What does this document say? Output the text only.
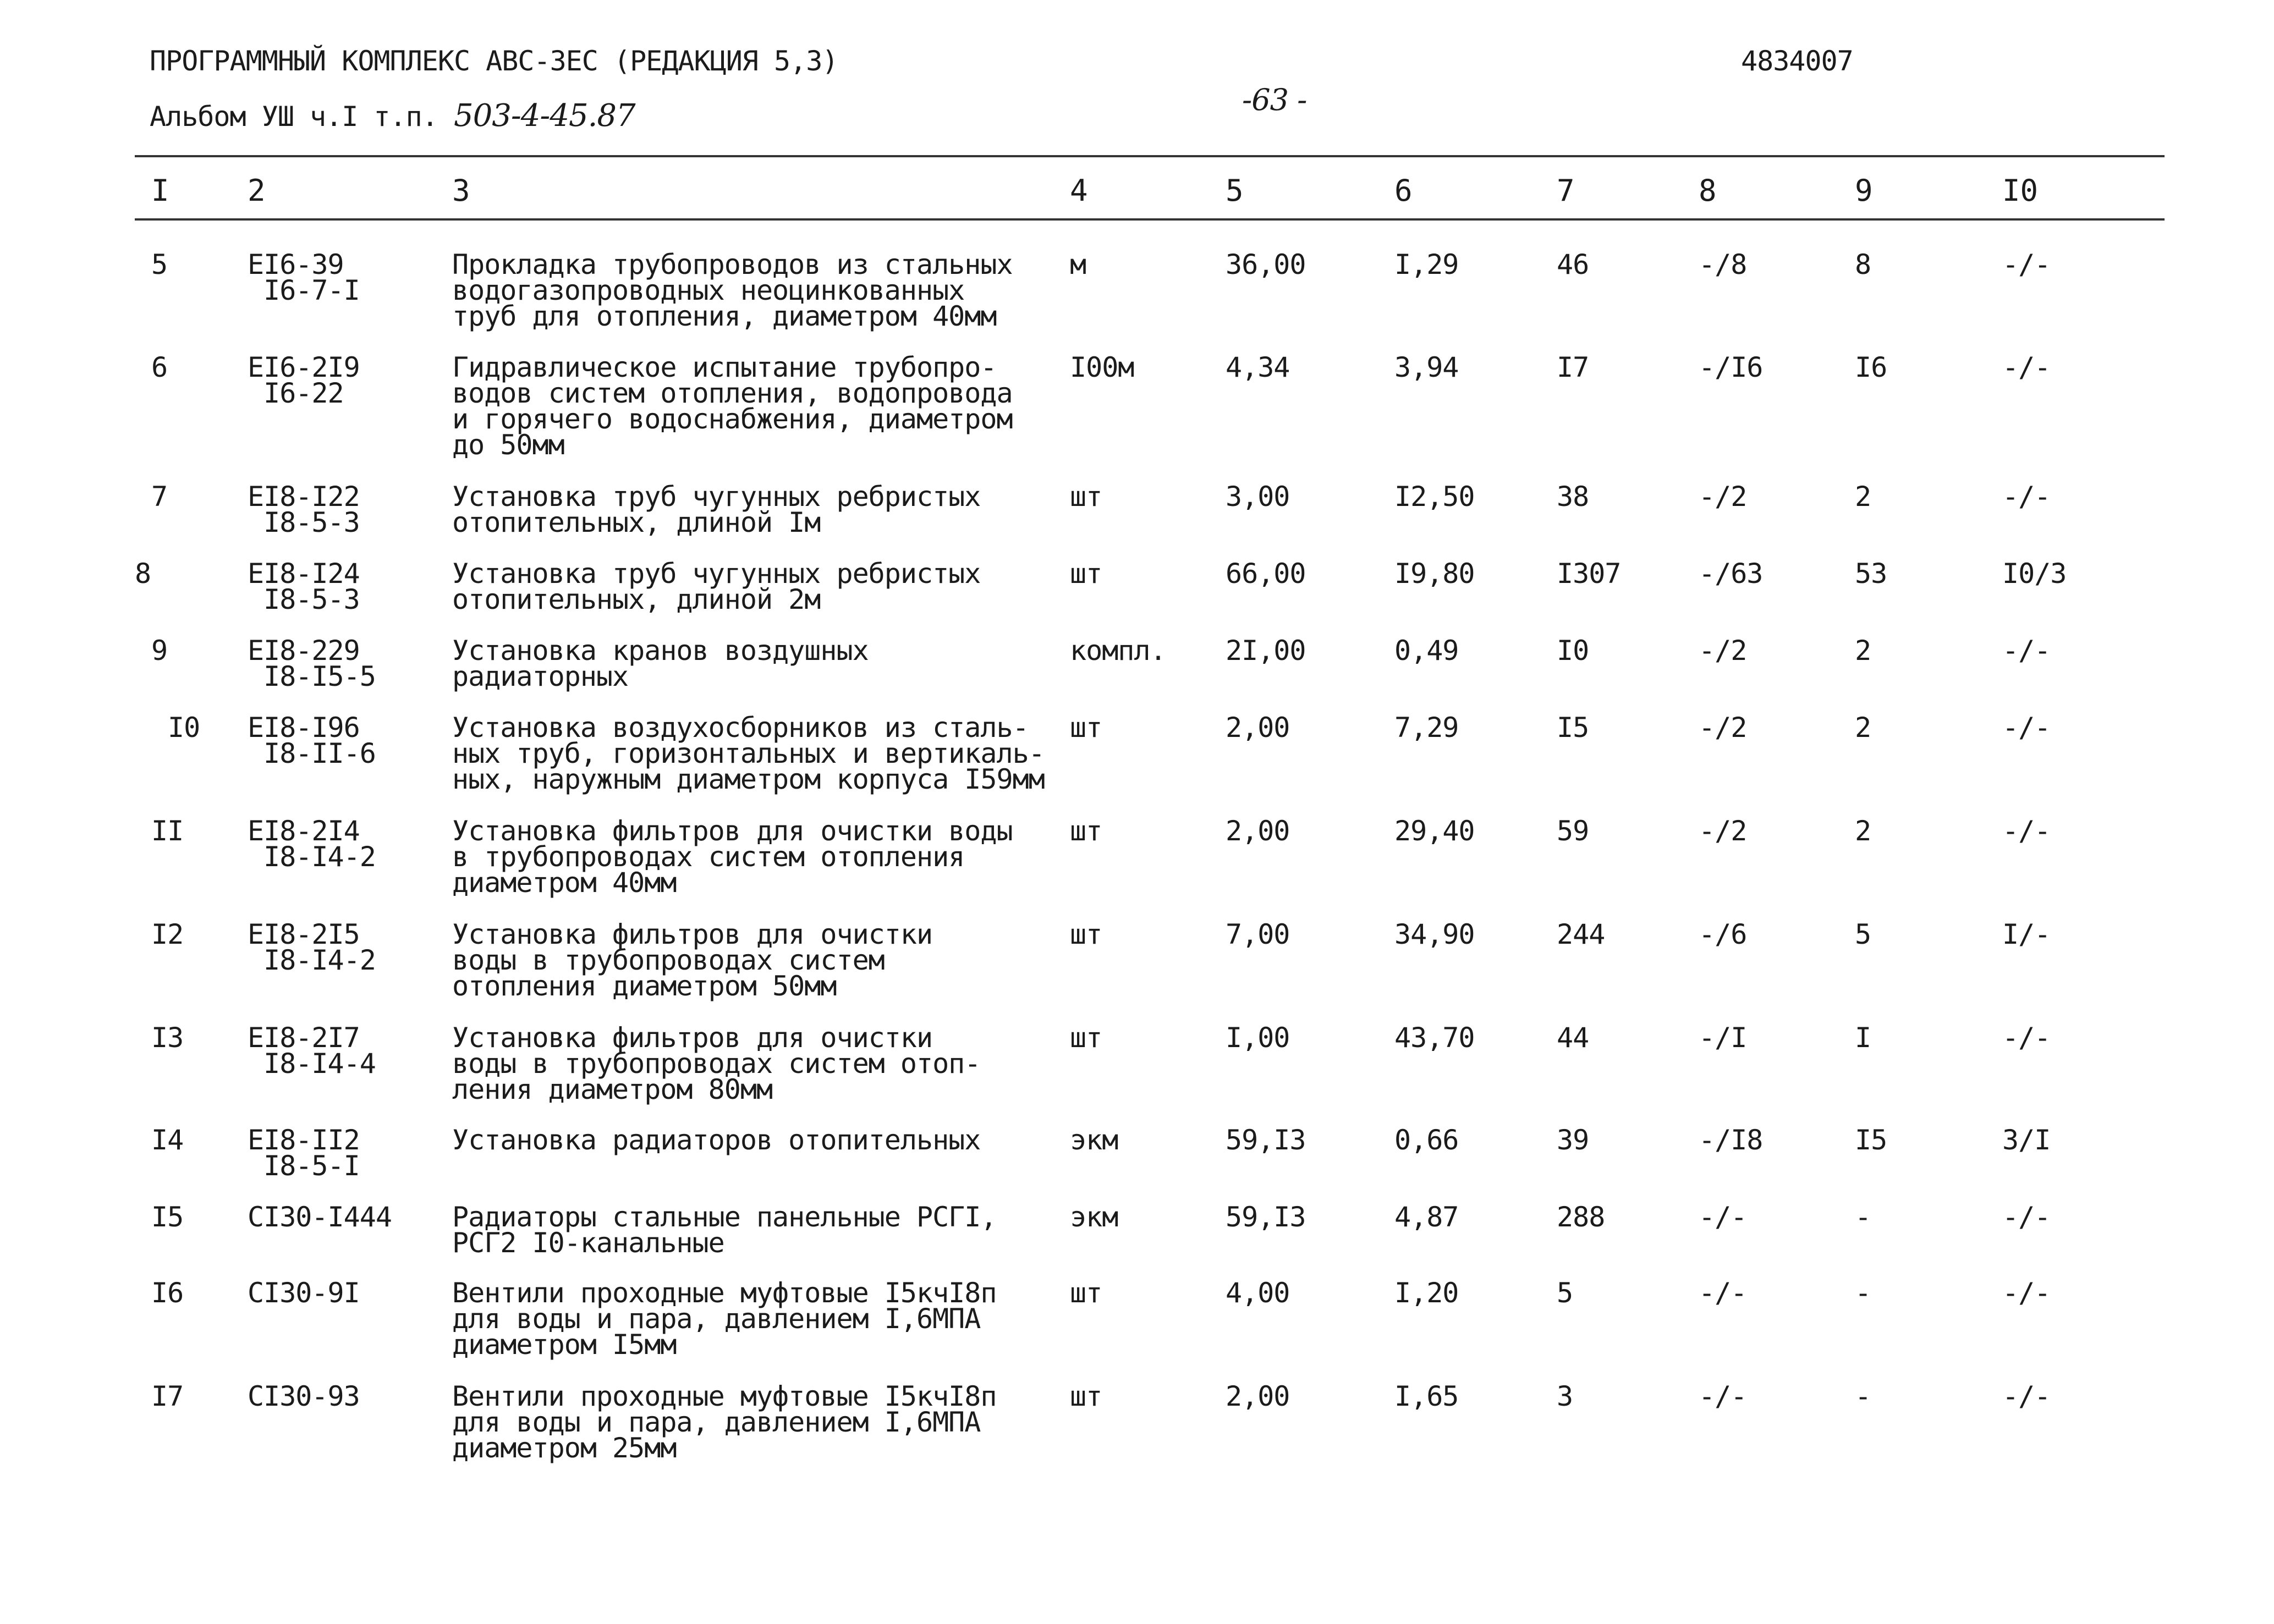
ПРОГРАММНЫЙ КОМПЛЕКС АВС-ЗЕС (РЕДАКЦИЯ 5,3)	4834007
-63 -
Альбом УШ ч.I т.п. 503-4-45.87
I	2	3	4	5	6	7	8	9	I0
5	EI6-39
I6-7-I
Прокладка трубопроводов из стальных
водогазопроводных неоцинкованных
труб для отопления, диаметром 40мм
м	36,00	I,29	46	-/8	8	-/-
6	EI6-2I9
I6-22
Гидравлическое испытание трубопро-
водов систем отопления, водопровода
и горячего водоснабжения, диаметром
до 50мм
I00м	4,34	3,94	I7	-/I6	I6	-/-
7	EI8-I22
I8-5-3
Установка труб чугунных ребристых
отопительных, длиной Iм
шт	3,00	I2,50	38	-/2	2	-/-
8	EI8-I24
I8-5-3
Установка труб чугунных ребристых
отопительных, длиной 2м
шт	66,00	I9,80	I307	-/63	53	I0/3
9	EI8-229
I8-I5-5
Установка кранов воздушных
радиаторных
компл. 2I,00	0,49	I0	-/2	2	-/-
I0 EI8-I96
I8-II-6
Установка воздухосборников из сталь-
ных труб, горизонтальных и вертикаль-
ных, наружным диаметром корпуса I59мм
шт	2,00	7,29	I5	-/2	2	-/-
II EI8-2I4
I8-I4-2
Установка фильтров для очистки воды
в трубопроводах систем отопления
диаметром 40мм
шт	2,00	29,40	59	-/2	2	-/-
I2 EI8-2I5
I8-I4-2
Установка фильтров для очистки
воды в трубопроводах систем
отопления диаметром 50мм
шт	7,00	34,90	244	-/6	5	I/-
I3 EI8-2I7
I8-I4-4
Установка фильтров для очистки
воды в трубопроводах систем отоп-
ления диаметром 80мм
шт	I,00	43,70	44	-/I	I	-/-
I4 EI8-II2
I8-5-I
Установка радиаторов отопительных	экм	59,I3	0,66	39	-/I8	I5	3/I
I5 CI30-I444 Радиаторы стальные панельные РСГI,
РСГ2 I0-канальные
экм	59,I3	4,87	288	-/-	-	-/-
I6 CI30-9I	Вентили проходные муфтовые I5кчI8п
для воды и пара, давлением I,6МПА
диаметром I5мм
шт	4,00	I,20	5	-/-	-	-/-
I7 CI30-93	Вентили проходные муфтовые I5кчI8п
для воды и пара, давлением I,6МПА
диаметром 25мм
шт	2,00	I,65	3	-/-	-	-/-
